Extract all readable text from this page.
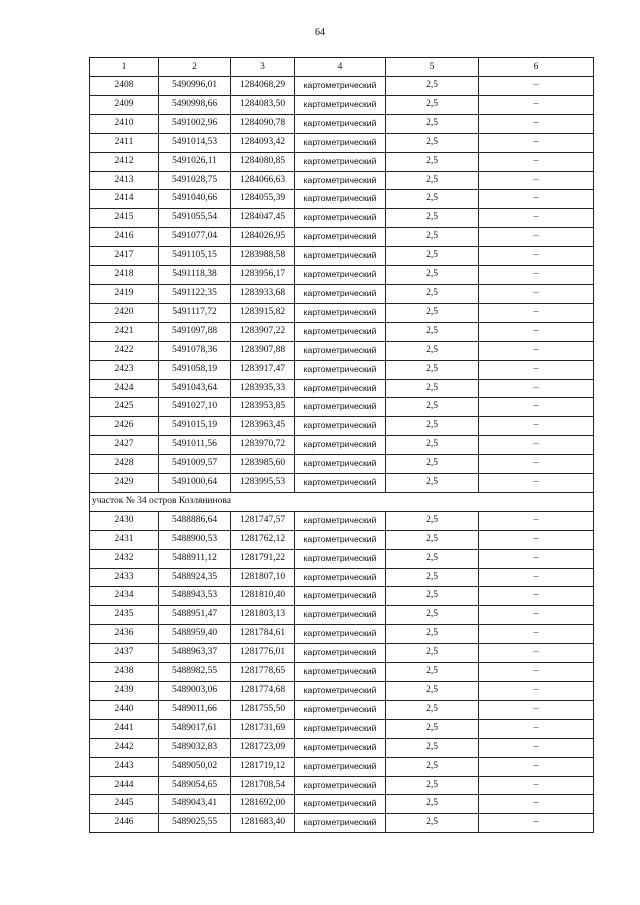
64
1	2	3	4	5	6
2408	5490996,01	1284068,29	картометрический	2,5	–
2409	5490998,66	1284083,50	картометрический	2,5	–
2410	5491002,96	1284090,78	картометрический	2,5	–
2411	5491014,53	1284093,42	картометрический	2,5	–
2412	5491026,11	1284080,85	картометрический	2,5	–
2413	5491028,75	1284066,63	картометрический	2,5	–
2414	5491040,66	1284055,39	картометрический	2,5	–
2415	5491055,54	1284047,45	картометрический	2,5	–
2416	5491077,04	1284026,95	картометрический	2,5	–
2417	5491105,15	1283988,58	картометрический	2,5	–
2418	5491118,38	1283956,17	картометрический	2,5	–
2419	5491122,35	1283933,68	картометрический	2,5	–
2420	5491117,72	1283915,82	картометрический	2,5	–
2421	5491097,88	1283907,22	картометрический	2,5	–
2422	5491078,36	1283907,88	картометрический	2,5	–
2423	5491058,19	1283917,47	картометрический	2,5	–
2424	5491043,64	1283935,33	картометрический	2,5	–
2425	5491027,10	1283953,85	картометрический	2,5	–
2426	5491015,19	1283963,45	картометрический	2,5	–
2427	5491011,56	1283970,72	картометрический	2,5	–
2428	5491009,57	1283985,60	картометрический	2,5	–
2429	5491000,64	1283995,53	картометрический	2,5	–
участок № 34 остров Козлянинова					
2430	5488886,64	1281747,57	картометрический	2,5	–
2431	5488900,53	1281762,12	картометрический	2,5	–
2432	5488911,12	1281791,22	картометрический	2,5	–
2433	5488924,35	1281807,10	картометрический	2,5	–
2434	5488943,53	1281810,40	картометрический	2,5	–
2435	5488951,47	1281803,13	картометрический	2,5	–
2436	5488959,40	1281784,61	картометрический	2,5	–
2437	5488963,37	1281776,01	картометрический	2,5	–
2438	5488982,55	1281778,65	картометрический	2,5	–
2439	5489003,06	1281774,68	картометрический	2,5	–
2440	5489011,66	1281755,50	картометрический	2,5	–
2441	5489017,61	1281731,69	картометрический	2,5	–
2442	5489032,83	1281723,09	картометрический	2,5	–
2443	5489050,02	1281719,12	картометрический	2,5	–
2444	5489054,65	1281708,54	картометрический	2,5	–
2445	5489043,41	1281692,00	картометрический	2,5	–
2446	5489025,55	1281683,40	картометрический	2,5	–
